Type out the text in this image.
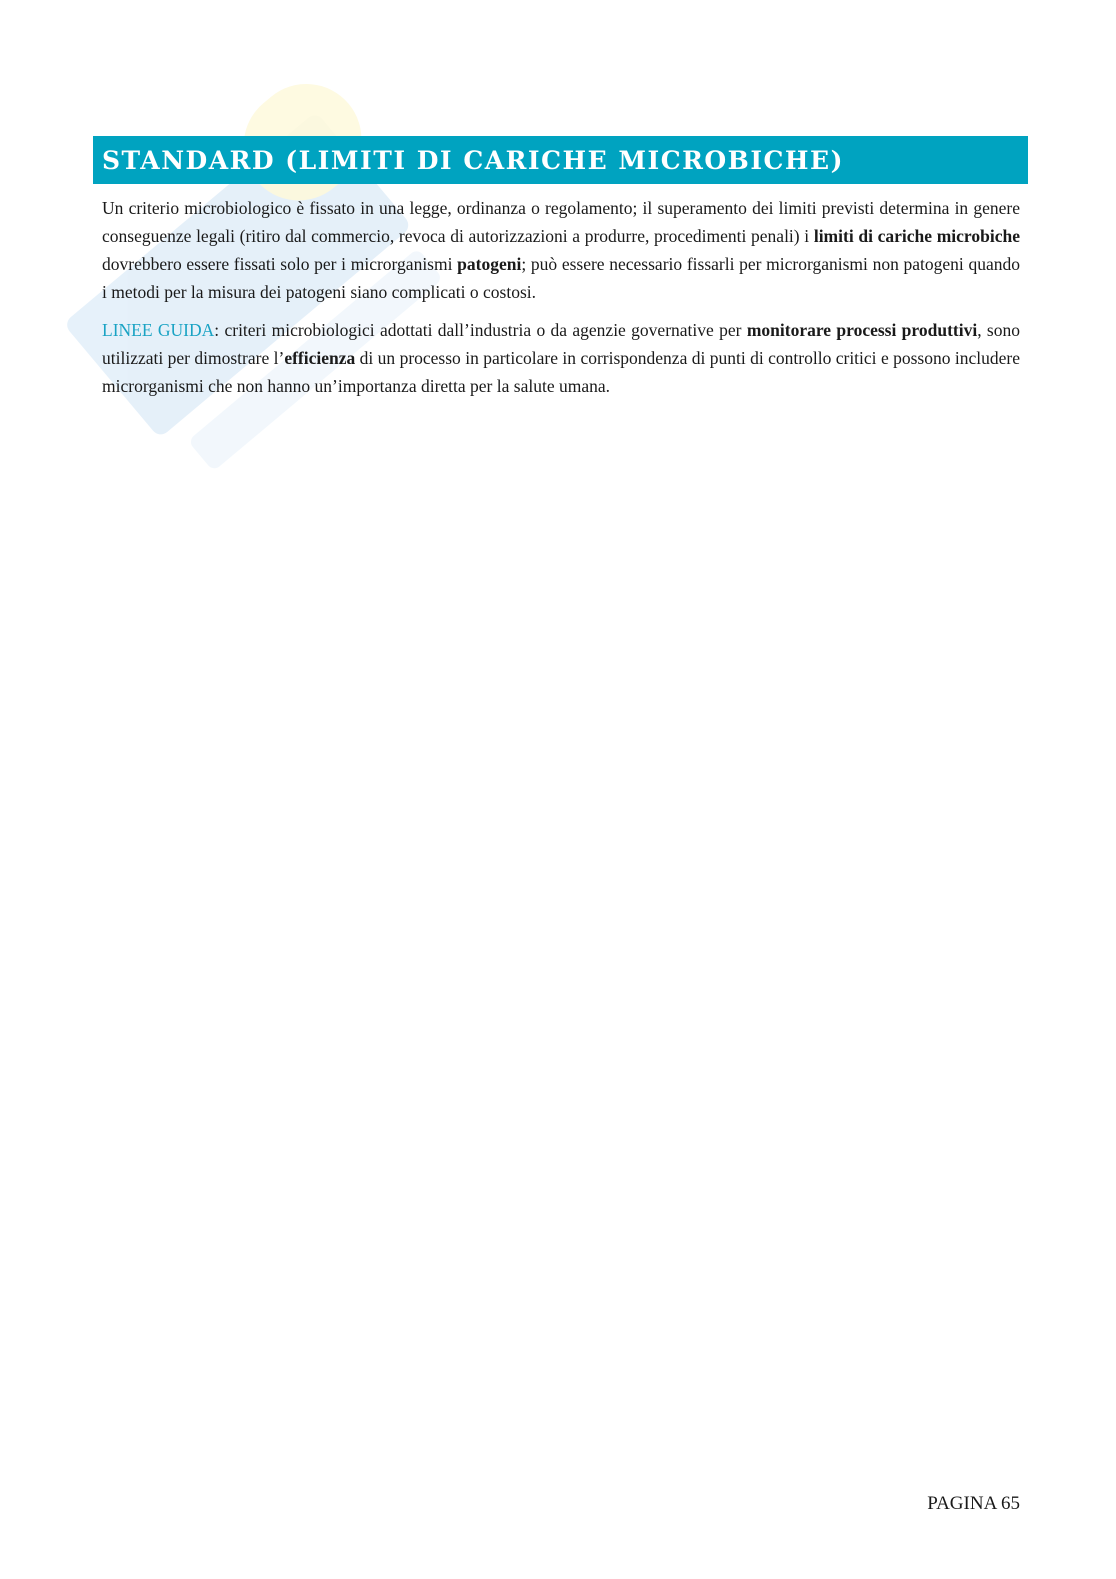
STANDARD (LIMITI DI CARICHE MICROBICHE)

Un criterio microbiologico è fissato in una legge, ordinanza o regolamento; il superamento dei limiti previsti determina in genere conseguenze legali (ritiro dal commercio, revoca di autorizzazioni a produrre, procedimenti penali) i limiti di cariche microbiche dovrebbero essere fissati solo per i microrganismi patogeni; può essere necessario fissarli per microrganismi non patogeni quando i metodi per la misura dei patogeni siano complicati o costosi.

LINEE GUIDA: criteri microbiologici adottati dall’industria o da agenzie governative per monitorare processi produttivi, sono utilizzati per dimostrare l’efficienza di un processo in particolare in corrispondenza di punti di controllo critici e possono includere microrganismi che non hanno un’importanza diretta per la salute umana.

PAGINA 65
